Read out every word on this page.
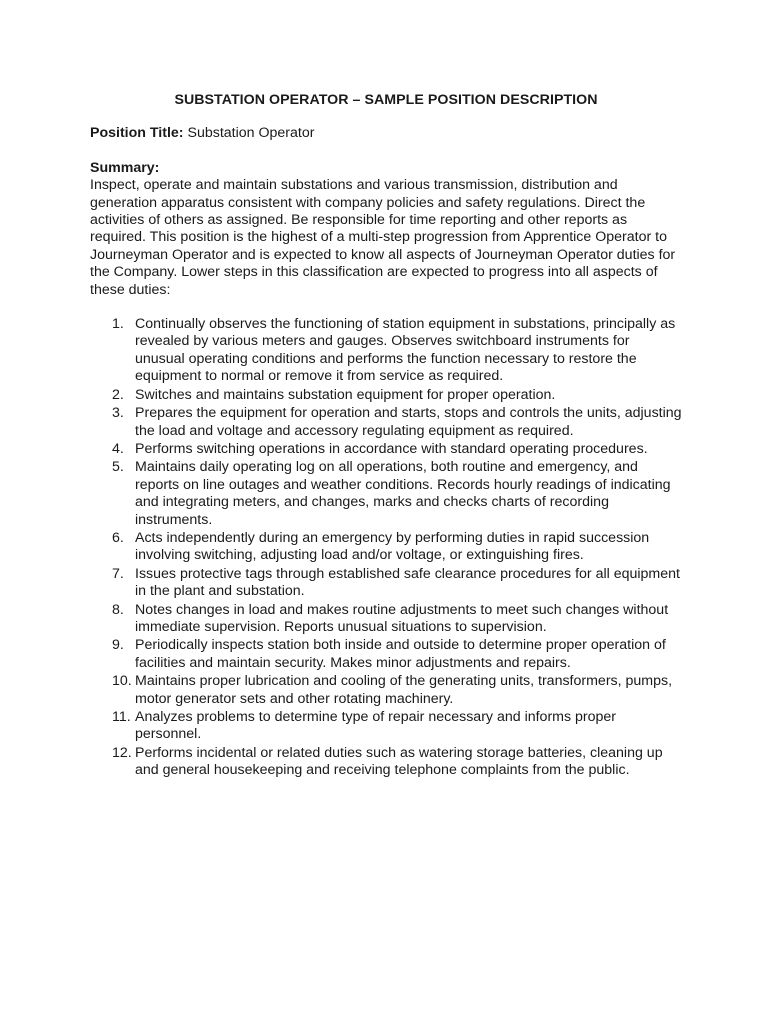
SUBSTATION OPERATOR – SAMPLE POSITION DESCRIPTION
Position Title: Substation Operator
Summary:
Inspect, operate and maintain substations and various transmission, distribution and generation apparatus consistent with company policies and safety regulations. Direct the activities of others as assigned. Be responsible for time reporting and other reports as required. This position is the highest of a multi-step progression from Apprentice Operator to Journeyman Operator and is expected to know all aspects of Journeyman Operator duties for the Company. Lower steps in this classification are expected to progress into all aspects of these duties:
1. Continually observes the functioning of station equipment in substations, principally as revealed by various meters and gauges. Observes switchboard instruments for unusual operating conditions and performs the function necessary to restore the equipment to normal or remove it from service as required.
2. Switches and maintains substation equipment for proper operation.
3. Prepares the equipment for operation and starts, stops and controls the units, adjusting the load and voltage and accessory regulating equipment as required.
4. Performs switching operations in accordance with standard operating procedures.
5. Maintains daily operating log on all operations, both routine and emergency, and reports on line outages and weather conditions. Records hourly readings of indicating and integrating meters, and changes, marks and checks charts of recording instruments.
6. Acts independently during an emergency by performing duties in rapid succession involving switching, adjusting load and/or voltage, or extinguishing fires.
7. Issues protective tags through established safe clearance procedures for all equipment in the plant and substation.
8. Notes changes in load and makes routine adjustments to meet such changes without immediate supervision. Reports unusual situations to supervision.
9. Periodically inspects station both inside and outside to determine proper operation of facilities and maintain security. Makes minor adjustments and repairs.
10. Maintains proper lubrication and cooling of the generating units, transformers, pumps, motor generator sets and other rotating machinery.
11. Analyzes problems to determine type of repair necessary and informs proper personnel.
12. Performs incidental or related duties such as watering storage batteries, cleaning up and general housekeeping and receiving telephone complaints from the public.
